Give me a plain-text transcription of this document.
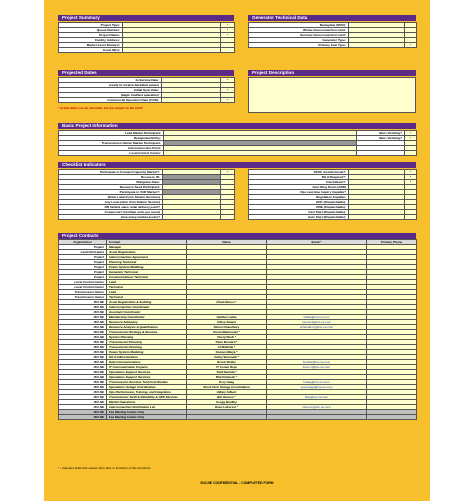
Project Summary
Project Type:		*
Queue Number:		*
Project Name:		*
Facility Address:		
Market Asset Name(s):		
Asset ID(s):		
Generator Technical Data
Nameplate (MVA):		
Winter Interconnection Limit:		
Summer Interconnection Limit:		
Generator Type:		
Primary Fuel Type:		*
Projected Dates
In-Service Date:		*
(ready to receive backfeed power)		
Initial Sync Date:		*
(begin trial/test operation)		
Commercial Operation Date (COD):		*
* Actual dates can be extended, but are subject to the Tariff
Project Description
Basic Project Information
Lead Market Participant:		New / Existing?	*
Designated Entity:		New / Existing?	*
Transmission Owner Market Participant:			
Interconnection Point:			
Local Control Center:			
Checklist Indicators
Participate in Forward Capacity Market?:		*
Resource ID:		
Obligation Date:		
Resource Seed Participant:		
Participate in VAR Market?:		
(Enter Label From Station Services)		
Any Load (other than Station Service)		
DR behind same retail delivery point?		
Composite? (multiple units per asset)		
How many market assets?		
FERC Jurisdictional?:		*
NX-9 Required?:		*
Intermittent?:		*
Auto Ring Down (ARD)		
Ops real-time Inquiry Capable?		
Regulation Capable:		
EDC (Dispatchable):		
DNE (Dispatchable):		
Fast Start (Dispatchable):		
Auto Start (Dispatchable):		
Project Contacts
Organization	Contact	Name	Email *	Primary Phone
Project	Manager			
Lead Participant	Asset Registration			
Project	Interconnection Agreement			
Project	Planning Technical			
Project	Power System Modeling			
Project	Generator Technical			
Project	Communications Technical			
Local Control Center	Lead			
Local Control Center	Technical			
Transmission Owner	Lead			
Transmission Owner	Technical			
ISO-NE	Asset Registration & Auditing	Chad Nelson *		
ISO-NE	Interconnection Coordinator			
ISO-NE	Assistant Coordinator			
ISO-NE	Membership Coordinator	Heather Latka	hlatka@iso-ne.com	
ISO-NE	Resource Adequacy	Volise Swartz	rnunnink@iso-ne.com	
ISO-NE	Resource Analysis & Qualification	Simmi Chaudhury	schaudhury@iso-ne.com	
ISO-NE	Transmission Strategy & Services	Kevin Mankouski *		
ISO-NE	System Planning	Cheryl Rodi *		
ISO-NE	Transmission Planning	Peter Bernard *		
ISO-NE	Transmission Planning	Al McBride *		
ISO-NE	Power System Modeling	Osman Blleya *		
ISO-NE	NX-9 Administration	Cathy Simonelli *		
ISO-NE	Data Communications	Brock Nobile	bnobile@iso-ne.com	
ISO-NE	IT Communication Projects	IT Comm Dept	itcomm@iso-ne.com	
ISO-NE	Operations Support Services	Vlad Nechita *		
ISO-NE	Operations Support Services	Rita Doubeck *		
ISO-NE	Transmission Services Technical Studies	Kory Haag	khaag@iso-ne.com	
ISO-NE	Operations Outage Coordination	Short-Term Outage Coordination	opsoutage@iso-ne.com	
ISO-NE	Ops Performance, Training, and Integration	Hillary Gilbert		
ISO-NE	Transmission Tariff & Reliability & OPS Services	Bill Henson *	fkay@iso-ne.com	
ISO-NE	Market Operations	Gregg Bradley		
ISO-NE	Interconnection Distribution List	Dean LaForest *	intercon@iso-ne.com	
ISO-NE	Fax Meeting Invites Only			
ISO-NE	Fax Meeting Invites Only			
* - Indicates fields that impact other tabs or functions of this workbook.
ISO-NE CONFIDENTIAL - COMPLETED FORM
